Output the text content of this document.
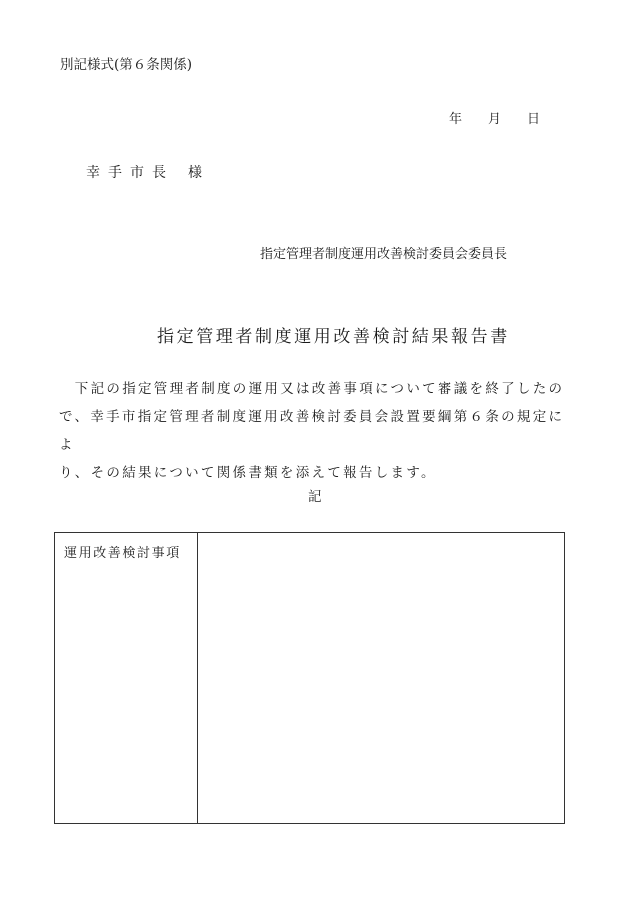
別記様式(第６条関係)
年 月 日
幸手市長 様
指定管理者制度運用改善検討委員会委員長
指定管理者制度運用改善検討結果報告書

　下記の指定管理者制度の運用又は改善事項について審議を終了したの

で、幸手市指定管理者制度運用改善検討委員会設置要綱第６条の規定によ

り、その結果について関係書類を添えて報告します。

記
運用改善検討事項
